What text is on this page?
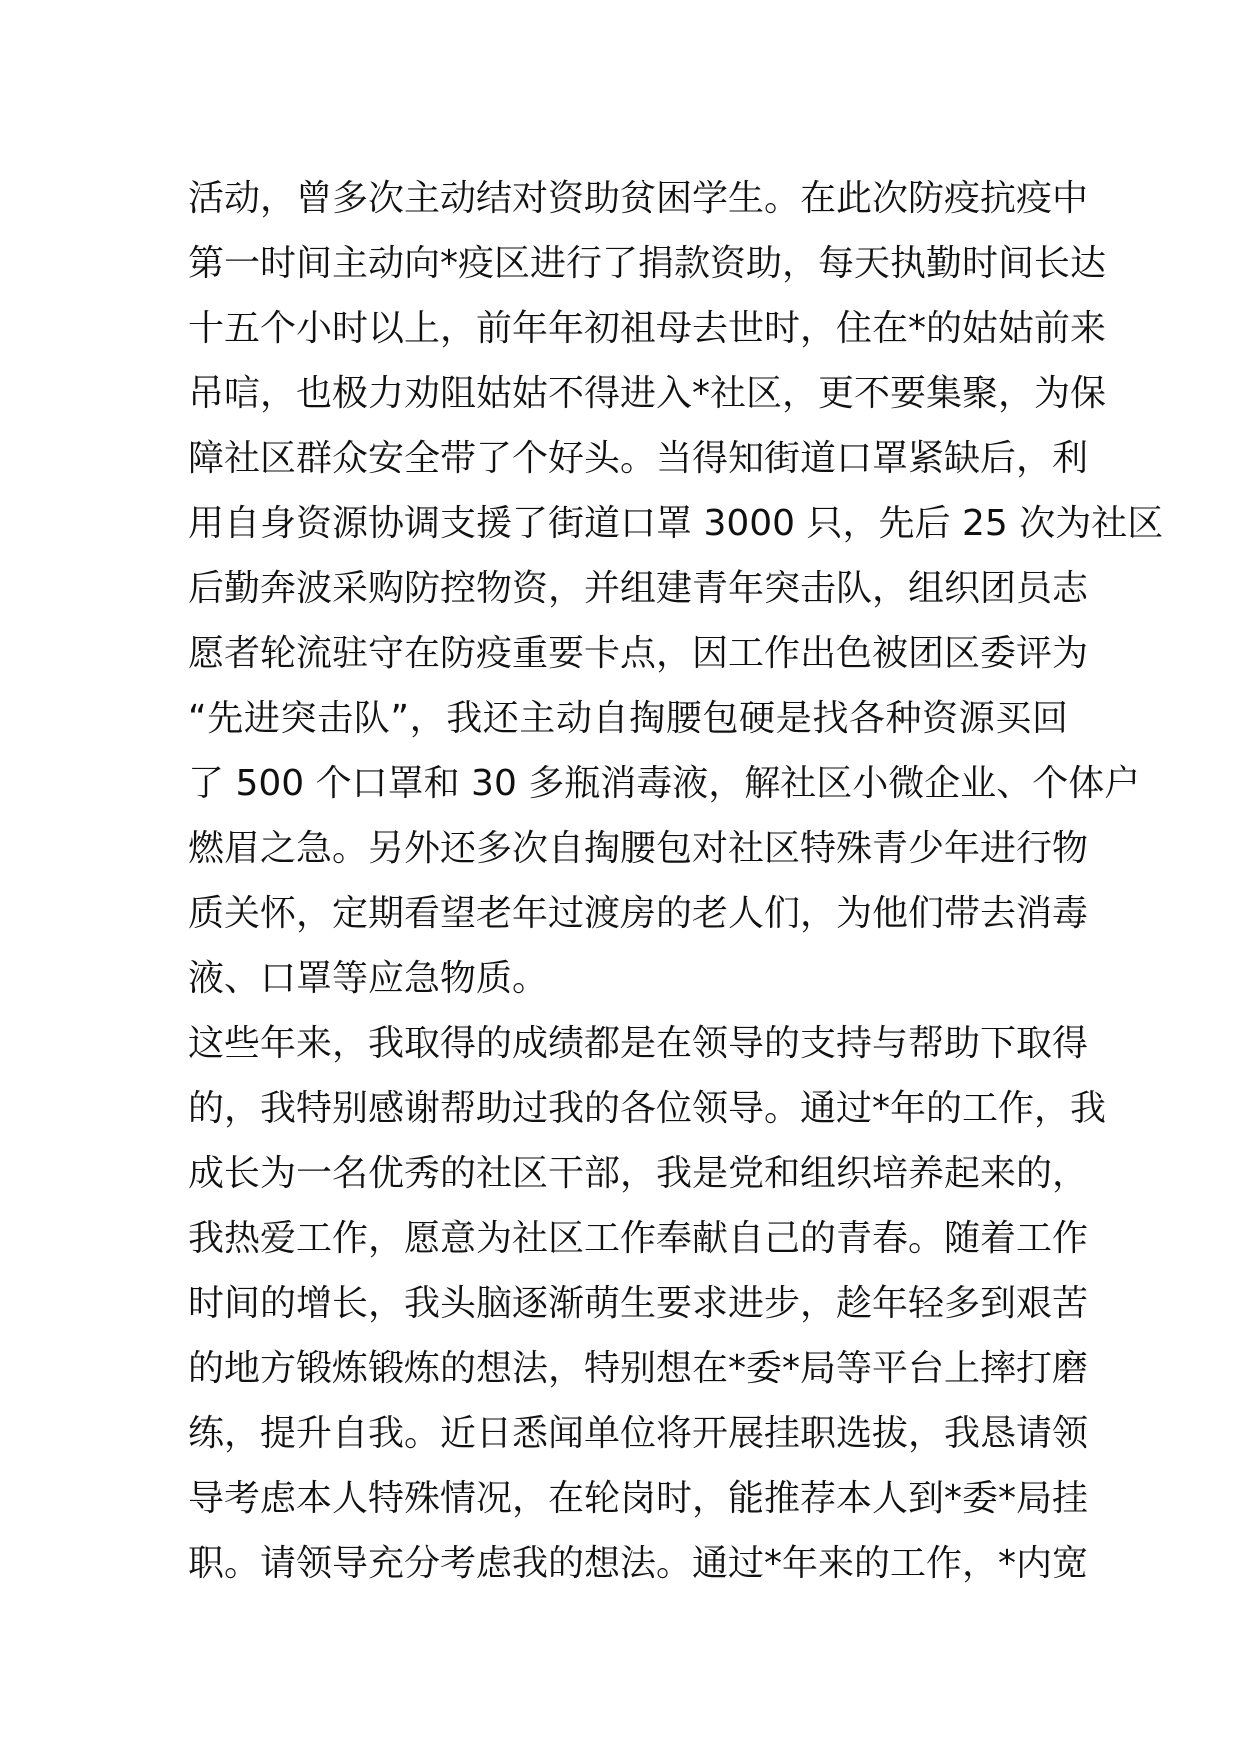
活动，曾多次主动结对资助贫困学生。在此次防疫抗疫中
第一时间主动向*疫区进行了捐款资助，每天执勤时间长达
十五个小时以上，前年年初祖母去世时，住在*的姑姑前来
吊唁，也极力劝阻姑姑不得进入*社区，更不要集聚，为保
障社区群众安全带了个好头。当得知街道口罩紧缺后，利
用自身资源协调支援了街道口罩 3000 只，先后 25 次为社区
后勤奔波采购防控物资，并组建青年突击队，组织团员志
愿者轮流驻守在防疫重要卡点，因工作出色被团区委评为
“先进突击队”，我还主动自掏腰包硬是找各种资源买回
了 500 个口罩和 30 多瓶消毒液，解社区小微企业、个体户
燃眉之急。另外还多次自掏腰包对社区特殊青少年进行物
质关怀，定期看望老年过渡房的老人们，为他们带去消毒
液、口罩等应急物质。
这些年来，我取得的成绩都是在领导的支持与帮助下取得
的，我特别感谢帮助过我的各位领导。通过*年的工作，我
成长为一名优秀的社区干部，我是党和组织培养起来的，
我热爱工作，愿意为社区工作奉献自己的青春。随着工作
时间的增长，我头脑逐渐萌生要求进步，趁年轻多到艰苦
的地方锻炼锻炼的想法，特别想在*委*局等平台上摔打磨
练，提升自我。近日悉闻单位将开展挂职选拔，我恳请领
导考虑本人特殊情况，在轮岗时，能推荐本人到*委*局挂
职。请领导充分考虑我的想法。通过*年来的工作，*内宽
